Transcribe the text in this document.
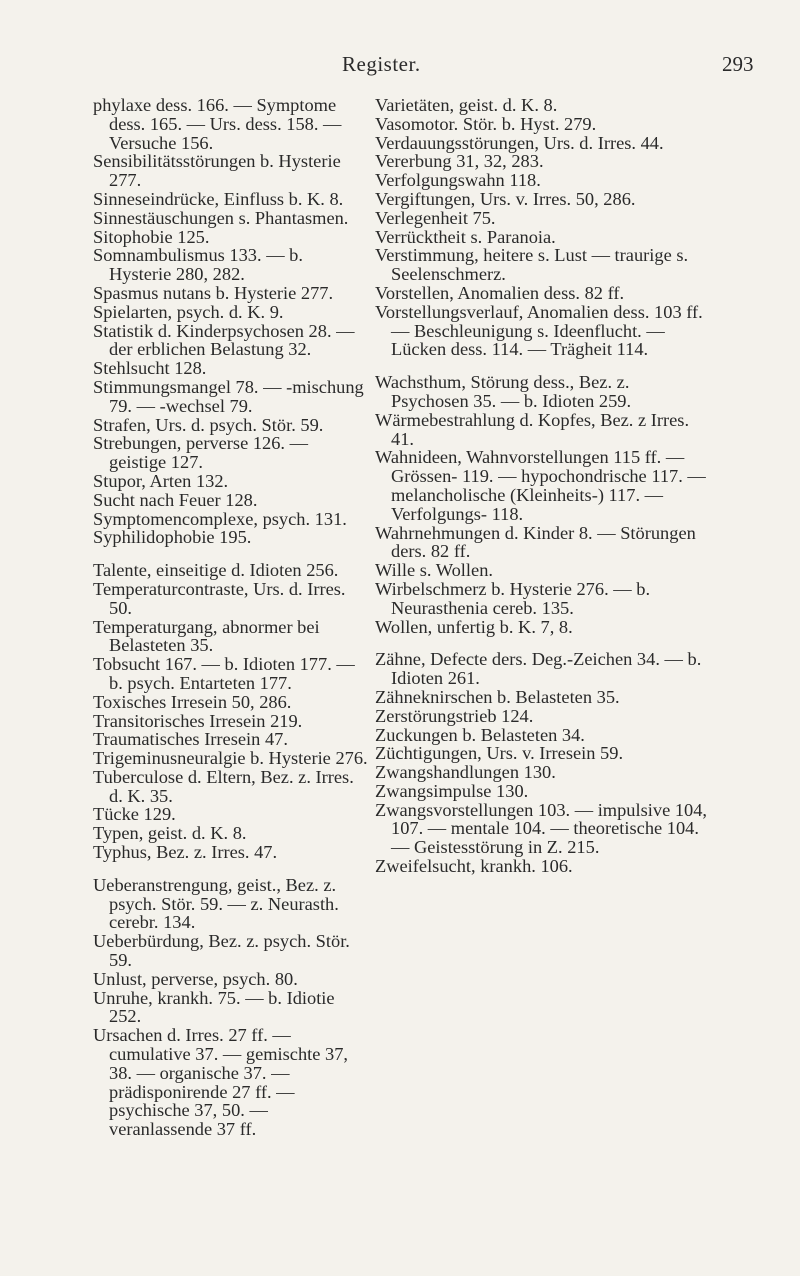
Register.	293

phylaxe dess. 166. — Symptome dess. 165. — Urs. dess. 158. — Versuche 156.

Sensibilitätsstörungen b. Hysterie 277.

Sinneseindrücke, Einfluss b. K. 8.

Sinnestäuschungen s. Phantasmen.

Sitophobie 125.

Somnambulismus 133. — b. Hysterie 280, 282.

Spasmus nutans b. Hysterie 277.

Spielarten, psych. d. K. 9.

Statistik d. Kinderpsychosen 28. — der erblichen Belastung 32.

Stehlsucht 128.

Stimmungsmangel 78. — -mischung 79. — -wechsel 79.

Strafen, Urs. d. psych. Stör. 59.

Strebungen, perverse 126. — geistige 127.

Stupor, Arten 132.

Sucht nach Feuer 128.

Symptomencomplexe, psych. 131.

Syphilidophobie 195.

Talente, einseitige d. Idioten 256.

Temperaturcontraste, Urs. d. Irres. 50.

Temperaturgang, abnormer bei Belasteten 35.

Tobsucht 167. — b. Idioten 177. — b. psych. Entarteten 177.

Toxisches Irresein 50, 286.

Transitorisches Irresein 219.

Traumatisches Irresein 47.

Trigeminusneuralgie b. Hysterie 276.

Tuberculose d. Eltern, Bez. z. Irres. d. K. 35.

Tücke 129.

Typen, geist. d. K. 8.

Typhus, Bez. z. Irres. 47.

Ueberanstrengung, geist., Bez. z. psych. Stör. 59. — z. Neurasth. cerebr. 134.

Ueberbürdung, Bez. z. psych. Stör. 59.

Unlust, perverse, psych. 80.

Unruhe, krankh. 75. — b. Idiotie 252.

Ursachen d. Irres. 27 ff. — cumulative 37. — gemischte 37, 38. — organische 37. — prädisponirende 27 ff. — psychische 37, 50. — veranlassende 37 ff.

Varietäten, geist. d. K. 8.

Vasomotor. Stör. b. Hyst. 279.

Verdauungsstörungen, Urs. d. Irres. 44.

Vererbung 31, 32, 283.

Verfolgungswahn 118.

Vergiftungen, Urs. v. Irres. 50, 286.

Verlegenheit 75.

Verrücktheit s. Paranoia.

Verstimmung, heitere s. Lust — traurige s. Seelenschmerz.

Vorstellen, Anomalien dess. 82 ff.

Vorstellungsverlauf, Anomalien dess. 103 ff. — Beschleunigung s. Ideenflucht. — Lücken dess. 114. — Trägheit 114.

Wachsthum, Störung dess., Bez. z. Psychosen 35. — b. Idioten 259.

Wärmebestrahlung d. Kopfes, Bez. z Irres. 41.

Wahnideen, Wahnvorstellungen 115 ff. — Grössen- 119. — hypochondrische 117. — melancholische (Kleinheits-) 117. — Verfolgungs- 118.

Wahrnehmungen d. Kinder 8. — Störungen ders. 82 ff.

Wille s. Wollen.

Wirbelschmerz b. Hysterie 276. — b. Neurasthenia cereb. 135.

Wollen, unfertig b. K. 7, 8.

Zähne, Defecte ders. Deg.-Zeichen 34. — b. Idioten 261.

Zähneknirschen b. Belasteten 35.

Zerstörungstrieb 124.

Zuckungen b. Belasteten 34.

Züchtigungen, Urs. v. Irresein 59.

Zwangshandlungen 130.

Zwangsimpulse 130.

Zwangsvorstellungen 103. — impulsive 104, 107. — mentale 104. — theoretische 104. — Geistesstörung in Z. 215.

Zweifelsucht, krankh. 106.
